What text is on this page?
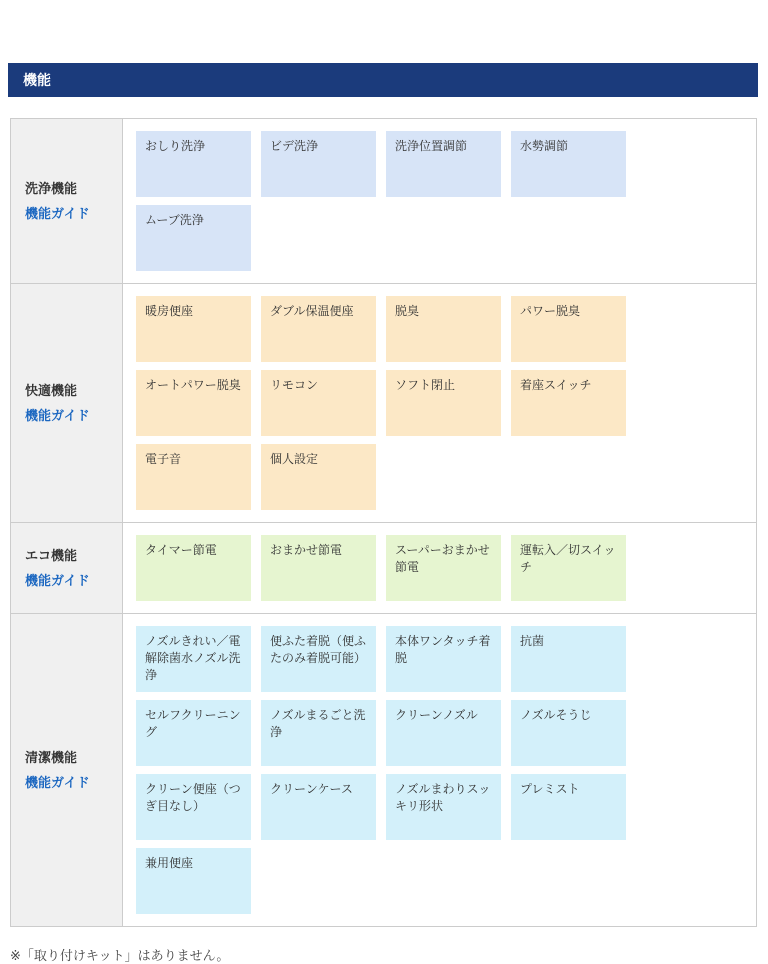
機能
洗浄機能
機能ガイド
おしり洗浄	ビデ洗浄	洗浄位置調節	水勢調節
ムーブ洗浄
快適機能
機能ガイド
暖房便座	ダブル保温便座	脱臭	パワー脱臭
オートパワー脱臭	リモコン	ソフト閉止	着座スイッチ
電子音	個人設定
エコ機能
機能ガイド
タイマー節電	おまかせ節電	スーパーおまかせ節電
運転入／切スイッチ
清潔機能
機能ガイド
ノズルきれい／電解除菌水ノズル洗浄
便ふた着脱（便ふたのみ着脱可能）
本体ワンタッチ着脱
抗菌
セルフクリーニング
ノズルまるごと洗浄
クリーンノズル	ノズルそうじ
クリーン便座（つぎ目なし）
クリーンケース	ノズルまわりスッキリ形状
プレミスト
兼用便座
※「取り付けキット」はありません。
